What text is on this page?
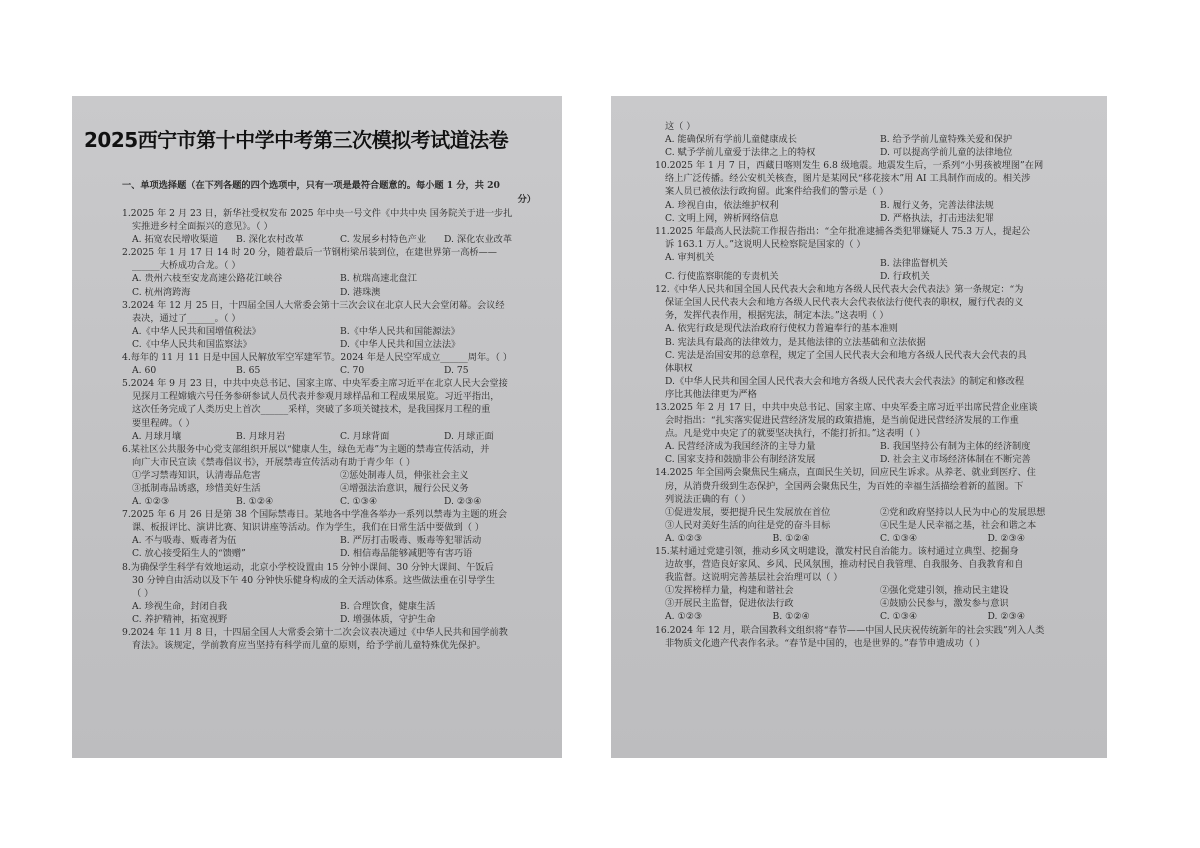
2025西宁市第十中学中考第三次模拟考试道法卷
一、单项选择题（在下列各题的四个选项中，只有一项是最符合题意的。每小题 1 分，共 20
分）
1.2025 年 2 月 23 日，新华社受权发布 2025 年中央一号文件《中共中央 国务院关于进一步扎
实推进乡村全面振兴的意见》。（ ）
A. 拓宽农民增收渠道	B. 深化农村改革	C. 发展乡村特色产业	D. 深化农业改革
2.2025 年 1 月 17 日 14 时 20 分，随着最后一节钢桁梁吊装到位，在建世界第一高桥——
______大桥成功合龙。（ ）
A. 贵州六枝至安龙高速公路花江峡谷	B. 杭瑞高速北盘江
C. 杭州湾跨海	D. 港珠澳
3.2024 年 12 月 25 日，十四届全国人大常委会第十三次会议在北京人民大会堂闭幕。会议经
表决，通过了______。（ ）
A.《中华人民共和国增值税法》	B.《中华人民共和国能源法》
C.《中华人民共和国监察法》	D.《中华人民共和国立法法》
4.每年的 11 月 11 日是中国人民解放军空军建军节。2024 年是人民空军成立______周年。（ ）
A. 60	B. 65	C. 70	D. 75
5.2024 年 9 月 23 日，中共中央总书记、国家主席、中央军委主席习近平在北京人民大会堂接
见探月工程嫦娥六号任务参研参试人员代表并参观月球样品和工程成果展览。习近平指出，
这次任务完成了人类历史上首次______采样，突破了多项关键技术，是我国探月工程的重
要里程碑。（ ）
A. 月球月壤	B. 月球月岩	C. 月球背面	D. 月球正面
6.某社区公共服务中心党支部组织开展以“健康人生，绿色无毒”为主题的禁毒宣传活动，并
向广大市民宣读《禁毒倡议书》，开展禁毒宣传活动有助于青少年（ ）
①学习禁毒知识，认清毒品危害	②惩处制毒人员，伸张社会主义
③抵制毒品诱惑，珍惜美好生活	④增强法治意识，履行公民义务
A. ①②③	B. ①②④	C. ①③④	D. ②③④
7.2025 年 6 月 26 日是第 38 个国际禁毒日。某地各中学准各举办一系列以禁毒为主题的班会
课、板报评比、演讲比赛、知识讲座等活动。作为学生，我们在日常生活中要做到（ ）
A. 不与吸毒、贩毒者为伍	B. 严厉打击吸毒、贩毒等犯罪活动
C. 放心接受陌生人的“馈赠”	D. 相信毒品能够减肥等有害巧语
8.为确保学生科学有效地运动，北京小学校设置由 15 分钟小课间、30 分钟大课间、午饭后
30 分钟自由活动以及下午 40 分钟快乐健身构成的全天活动体系。这些做法重在引导学生
（ ）
A. 珍视生命，封闭自我	B. 合理饮食，健康生活
C. 养护精神，拓宽视野	D. 增强体质，守护生命
9.2024 年 11 月 8 日，十四届全国人大常委会第十二次会议表决通过《中华人民共和国学前教
育法》。该规定，学前教育应当坚持有科学而儿童的原则，给予学前儿童特殊优先保护。
这（ ）
A. 能确保所有学前儿童健康成长	B. 给予学前儿童特殊关爱和保护
C. 赋予学前儿童爱于法律之上的特权	D. 可以提高学前儿童的法律地位
10.2025 年 1 月 7 日，西藏日喀则发生 6.8 级地震。地震发生后，一系列“小男孩被埋图”在网
络上广泛传播。经公安机关核查，图片是某网民“移花接木”用 AI 工具制作而成的。相关涉
案人员已被依法行政拘留。此案件给我们的警示是（ ）
A. 珍视自由，依法维护权利	B. 履行义务，完善法律法规
C. 文明上网，辨析网络信息	D. 严格执法，打击违法犯罪
11.2025 年最高人民法院工作报告指出：“全年批准逮捕各类犯罪嫌疑人 75.3 万人，提起公
诉 163.1 万人。”这说明人民检察院是国家的（ ）
A. 审判机关
B. 法律监督机关
C. 行使监察职能的专责机关	D. 行政机关
12.《中华人民共和国全国人民代表大会和地方各级人民代表大会代表法》第一条规定：“为
保证全国人民代表大会和地方各级人民代表大会代表依法行使代表的职权，履行代表的义
务，发挥代表作用，根据宪法，制定本法。”这表明（ ）
A. 依宪行政是现代法治政府行使权力普遍奉行的基本准则
B. 宪法具有最高的法律效力，是其他法律的立法基础和立法依据
C. 宪法是治国安邦的总章程，规定了全国人民代表大会和地方各级人民代表大会代表的具
体职权
D.《中华人民共和国全国人民代表大会和地方各级人民代表大会代表法》的制定和修改程
序比其他法律更为严格
13.2025 年 2 月 17 日，中共中央总书记、国家主席、中央军委主席习近平出席民营企业座谈
会时指出：“扎实落实促进民营经济发展的政策措施，是当前促进民营经济发展的工作重
点。凡是党中央定了的就要坚决执行，不能打折扣。”这表明（ ）
A. 民营经济成为我国经济的主导力量	B. 我国坚持公有制为主体的经济制度
C. 国家支持和鼓励非公有制经济发展	D. 社会主义市场经济体制在不断完善
14.2025 年全国两会聚焦民生痛点，直面民生关切，回应民生诉求。从养老、就业到医疗、住
房，从消费升级到生态保护，全国两会聚焦民生，为百姓的幸福生活描绘着新的蓝图。下
列说法正确的有（ ）
①促进发展，要把提升民生发展放在首位	②党和政府坚持以人民为中心的发展思想
③人民对美好生活的向往是党的奋斗目标	④民生是人民幸福之基，社会和谐之本
A. ①②③	B. ①②④	C. ①③④	D. ②③④
15.某村通过党建引领，推动乡风文明建设，激发村民自治能力。该村通过立典型、挖掘身
边故事，营造良好家风、乡风、民风氛围，推动村民自我管理、自我服务、自我教育和自
我监督。这说明完善基层社会治理可以（ ）
①发挥榜样力量，构建和谐社会	②强化党建引领，推动民主建设
③开展民主监督，促进依法行政	④鼓励公民参与，激发参与意识
A. ①②③	B. ①②④	C. ①③④	D. ②③④
16.2024 年 12 月，联合国教科文组织将“春节——中国人民庆祝传统新年的社会实践”列入人类
非物质文化遗产代表作名录。“春节是中国的，也是世界的。”春节申遗成功（ ）
